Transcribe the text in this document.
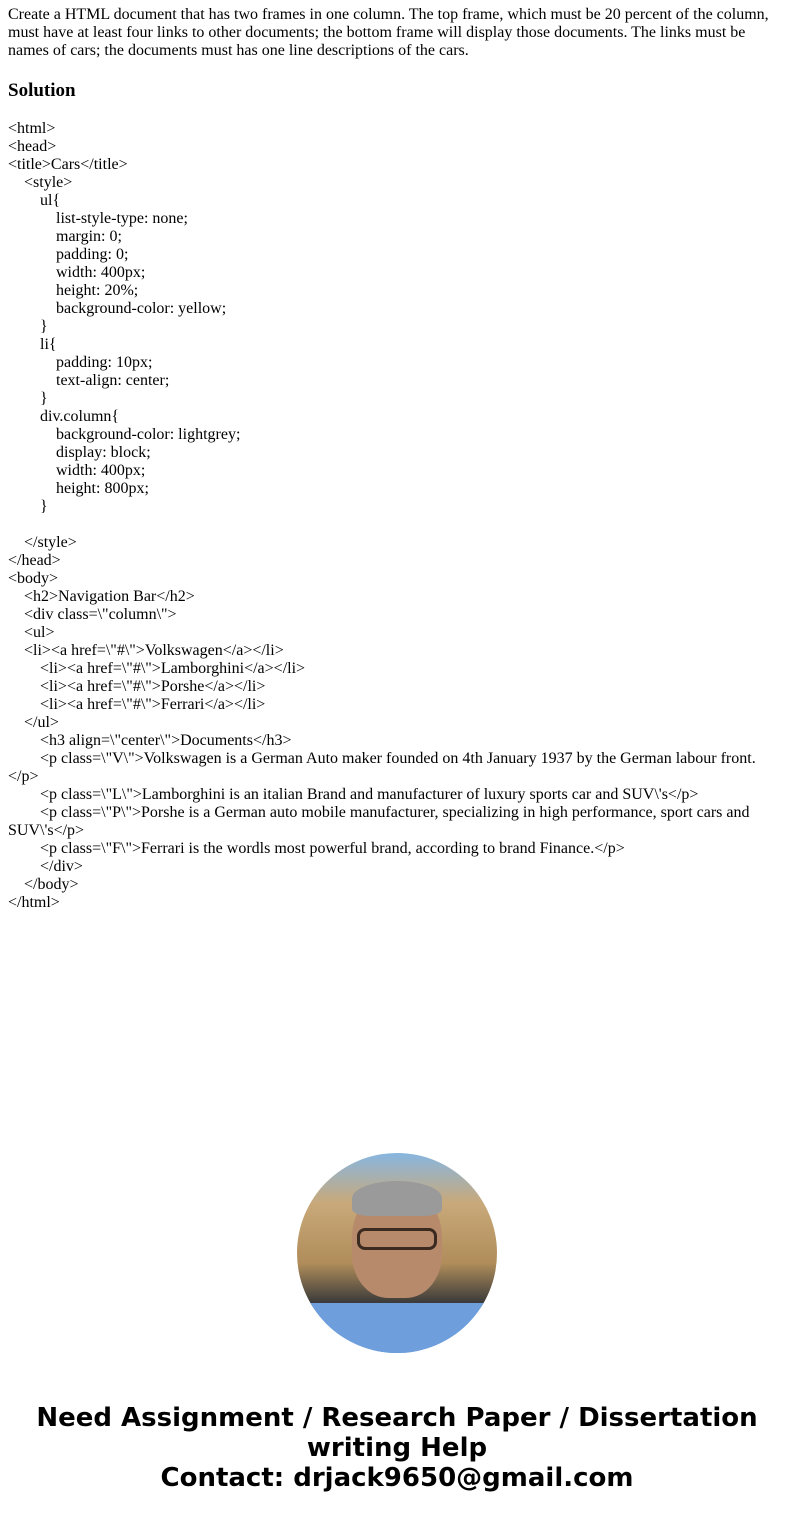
Create a HTML document that has two frames in one column. The top frame, which must be 20 percent of the column, must have at least four links to other documents; the bottom frame will display those documents. The links must be names of cars; the documents must has one line descriptions of the cars.

Solution
<html>
<head>
<title>Cars</title>
<style>
ul{
list-style-type: none;
margin: 0;
padding: 0;
width: 400px;
height: 20%;
background-color: yellow;
}
li{
padding: 10px;
text-align: center;
}
div.column{
background-color: lightgrey;
display: block;
width: 400px;
height: 800px;
}
</style>
</head>
<body>
<h2>Navigation Bar</h2>
<div class=\"column\">
<ul>
<li><a href=\"#\">Volkswagen</a></li>
<li><a href=\"#\">Lamborghini</a></li>
<li><a href=\"#\">Porshe</a></li>
<li><a href=\"#\">Ferrari</a></li>
</ul>
<h3 align=\"center\">Documents</h3>
<p class=\"V\">Volkswagen is a German Auto maker founded on 4th January 1937 by the German labour front.</p>
<p class=\"L\">Lamborghini is an italian Brand and manufacturer of luxury sports car and SUV\'s</p>
<p class=\"P\">Porshe is a German auto mobile manufacturer, specializing in high performance, sport cars and SUV\'s</p>
<p class=\"F\">Ferrari is the wordls most powerful brand, according to brand Finance.</p>
</div>
</body>
</html>
Need Assignment / Research Paper / Dissertation writing Help
Contact: drjack9650@gmail.com
